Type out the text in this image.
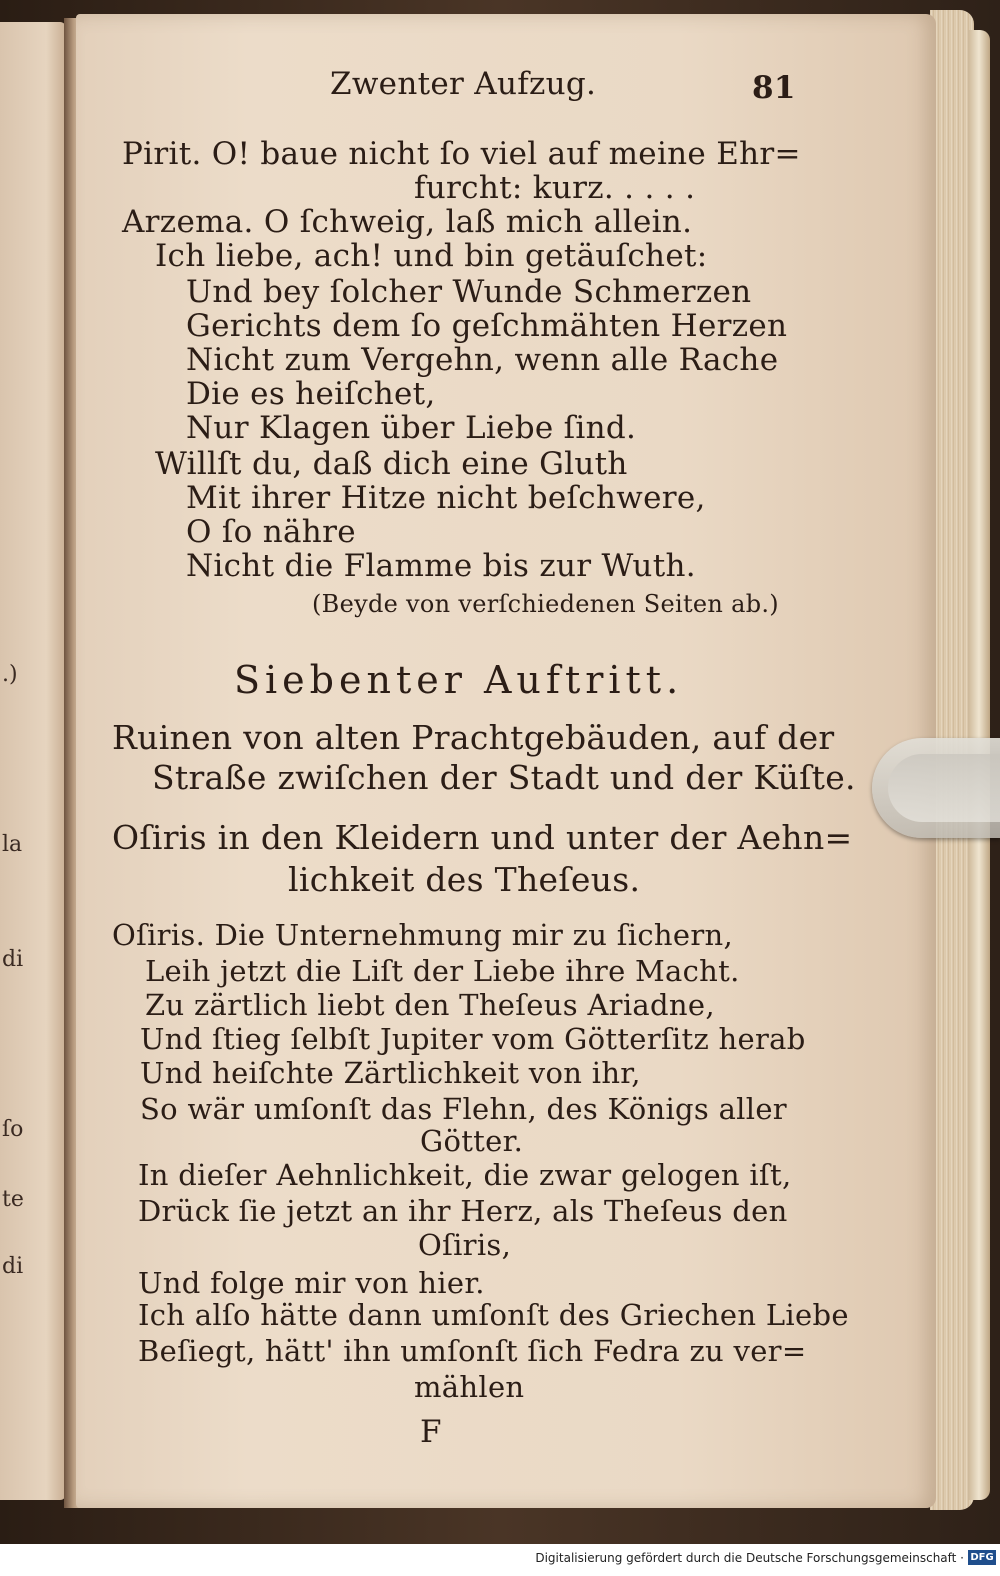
.)
la
di
ſo
te
di
Zwenter Aufzug.	81
Pirit. O! baue nicht ſo viel auf meine Ehr=
furcht: kurz. . . . .
Arzema. O ſchweig, laß mich allein.
Ich liebe, ach! und bin getäuſchet:
Und bey ſolcher Wunde Schmerzen
Gerichts dem ſo geſchmähten Herzen
Nicht zum Vergehn, wenn alle Rache
Die es heiſchet,
Nur Klagen über Liebe ſind.
Willſt du, daß dich eine Gluth
Mit ihrer Hitze nicht beſchwere,
O ſo nähre
Nicht die Flamme bis zur Wuth.
(Beyde von verſchiedenen Seiten ab.)
Siebenter Auftritt.
Ruinen von alten Prachtgebäuden, auf der
Straße zwiſchen der Stadt und der Küſte.
Oſiris in den Kleidern und unter der Aehn=
lichkeit des Theſeus.
Oſiris. Die Unternehmung mir zu ſichern,
Leih jetzt die Liſt der Liebe ihre Macht.
Zu zärtlich liebt den Theſeus Ariadne,
Und ſtieg ſelbſt Jupiter vom Götterſitz herab
Und heiſchte Zärtlichkeit von ihr,
So wär umſonſt das Flehn, des Königs aller
Götter.
In dieſer Aehnlichkeit, die zwar gelogen iſt,
Drück ſie jetzt an ihr Herz, als Theſeus den
Oſiris,
Und folge mir von hier.
Ich alſo hätte dann umſonſt des Griechen Liebe
Beſiegt, hätt' ihn umſonſt ſich Fedra zu ver=
mählen
F
Digitalisierung gefördert durch die Deutsche Forschungsgemeinschaft · DFG
